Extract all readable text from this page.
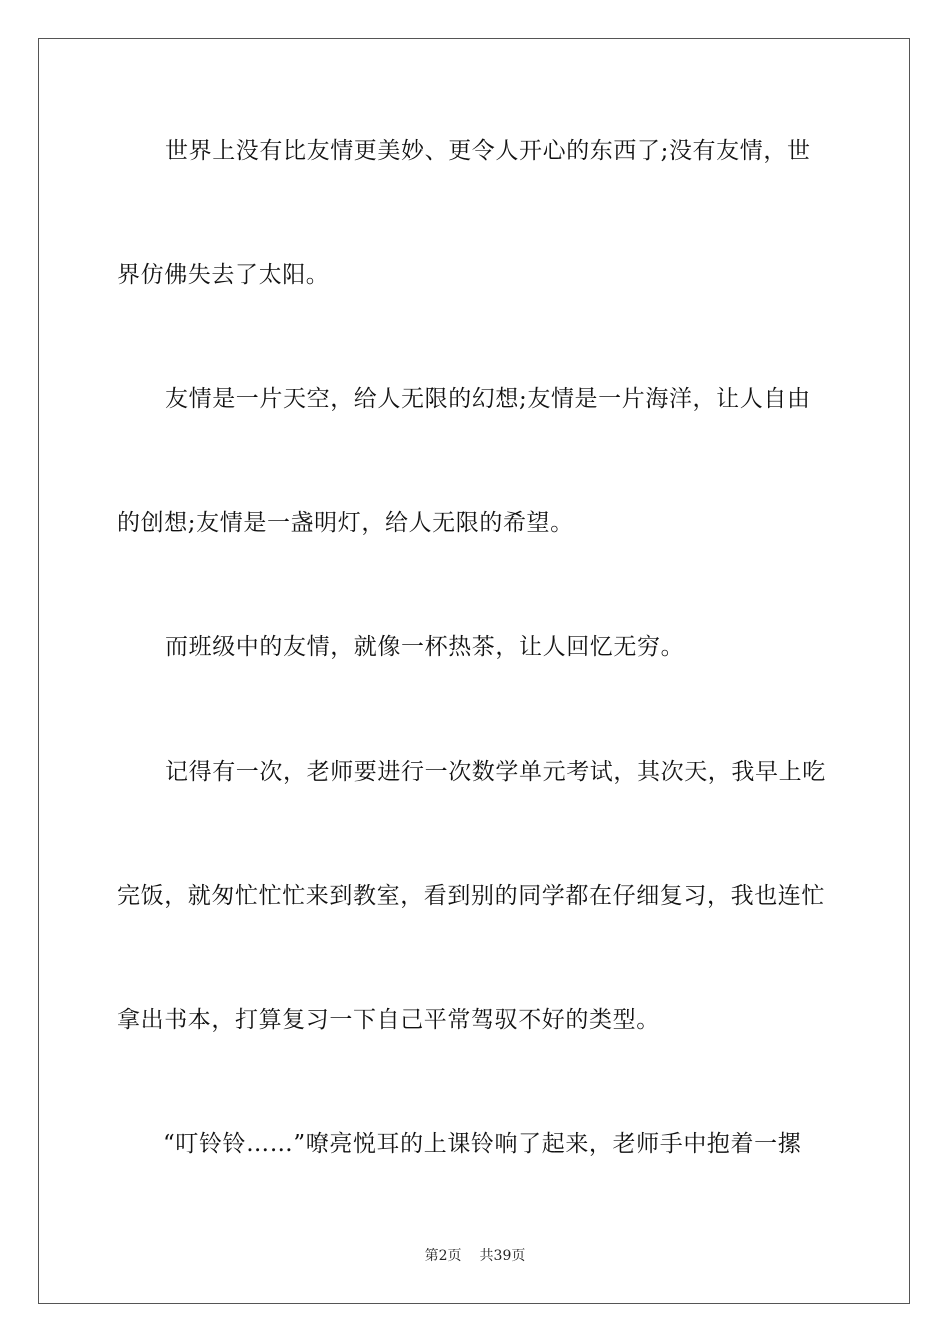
世界上没有比友情更美妙、更令人开心的东西了;没有友情，世
界仿佛失去了太阳。
友情是一片天空，给人无限的幻想;友情是一片海洋，让人自由
的创想;友情是一盏明灯，给人无限的希望。
而班级中的友情，就像一杯热茶，让人回忆无穷。
记得有一次，老师要进行一次数学单元考试，其次天，我早上吃
完饭，就匆忙忙忙来到教室，看到别的同学都在仔细复习，我也连忙
拿出书本，打算复习一下自己平常驾驭不好的类型。
“叮铃铃……”嘹亮悦耳的上课铃响了起来，老师手中抱着一摞
第2页 共39页
